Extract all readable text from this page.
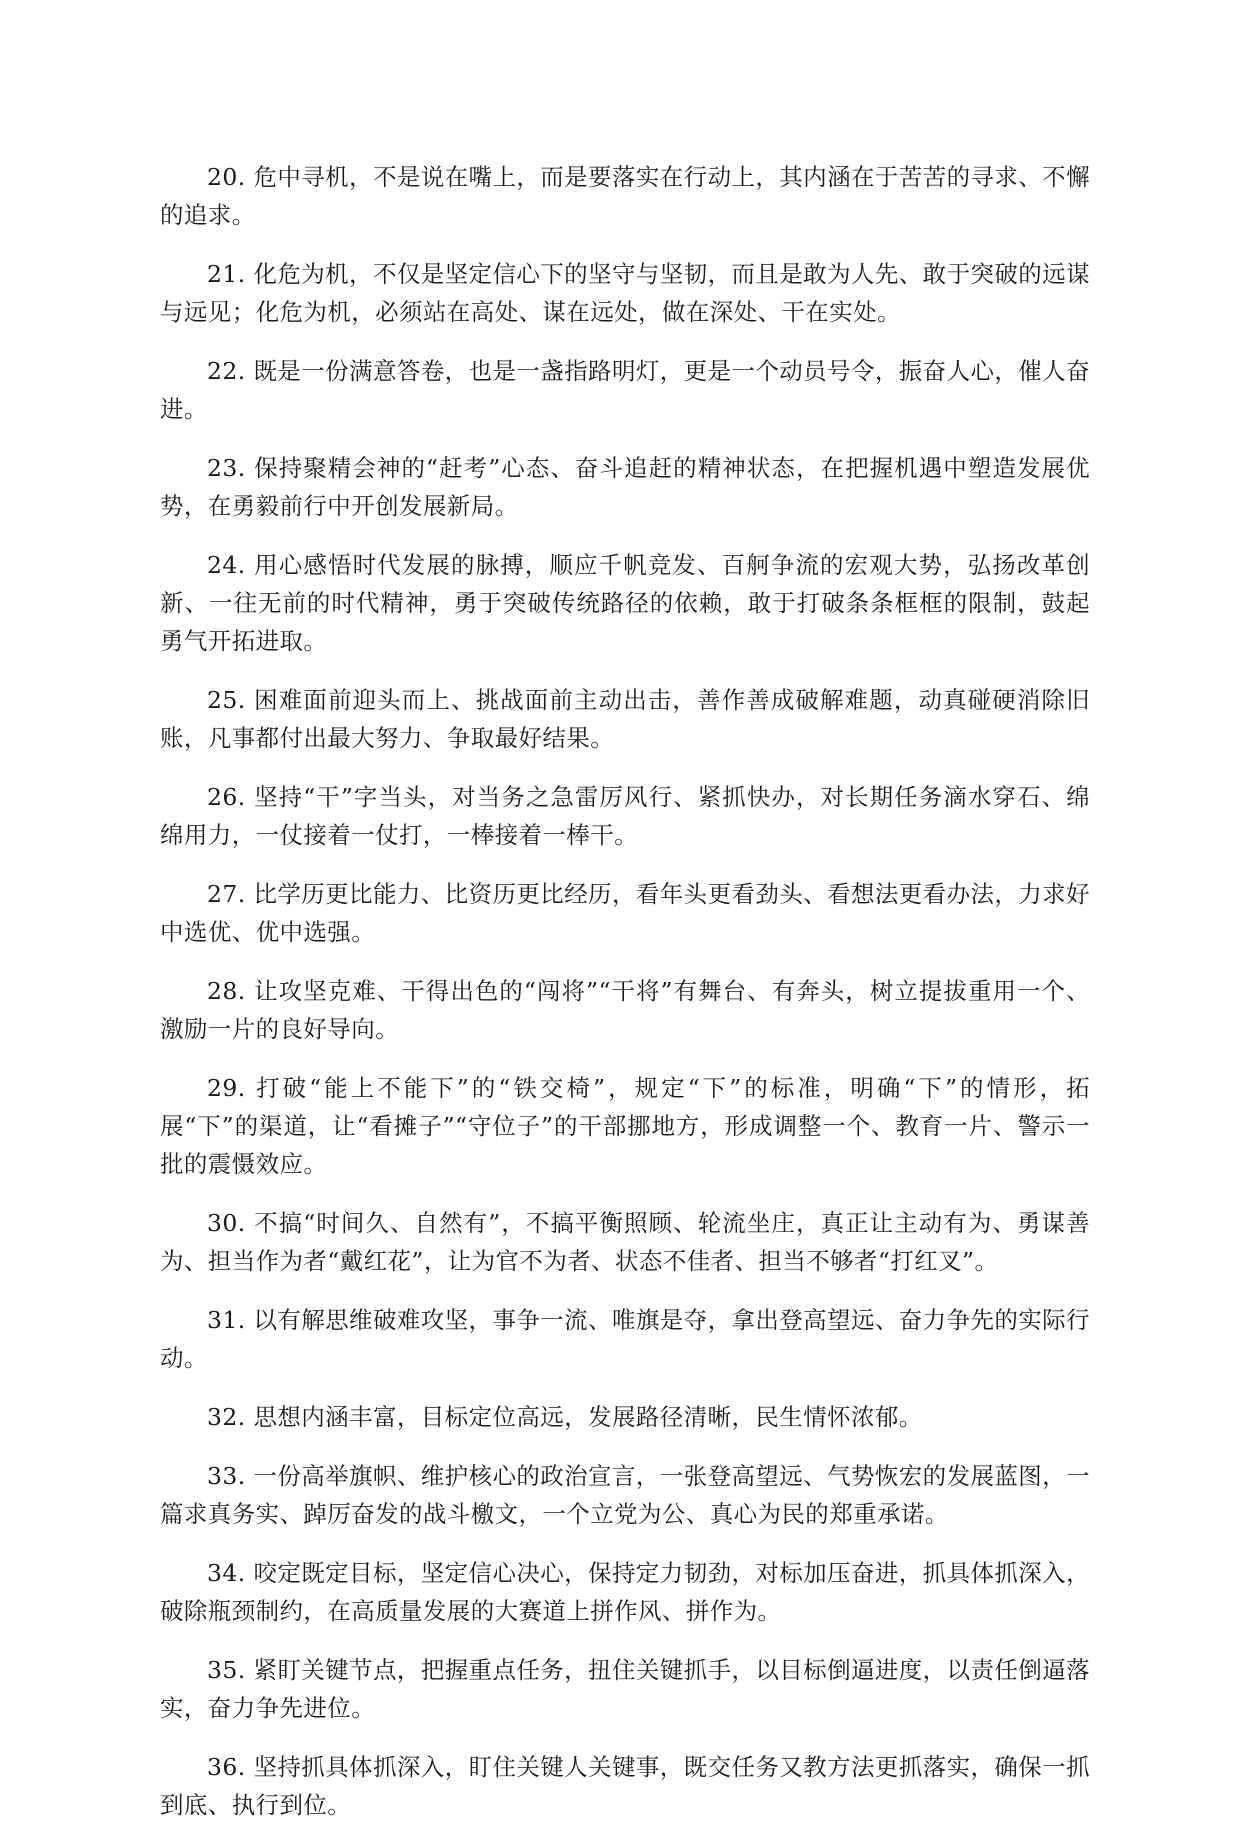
20. 危中寻机，不是说在嘴上，而是要落实在行动上，其内涵在于苦苦的寻求、不懈的追求。

21. 化危为机，不仅是坚定信心下的坚守与坚韧，而且是敢为人先、敢于突破的远谋与远见；化危为机，必须站在高处、谋在远处，做在深处、干在实处。

22. 既是一份满意答卷，也是一盏指路明灯，更是一个动员号令，振奋人心，催人奋进。

23. 保持聚精会神的“赶考”心态、奋斗追赶的精神状态，在把握机遇中塑造发展优势，在勇毅前行中开创发展新局。

24. 用心感悟时代发展的脉搏，顺应千帆竞发、百舸争流的宏观大势，弘扬改革创新、一往无前的时代精神，勇于突破传统路径的依赖，敢于打破条条框框的限制，鼓起勇气开拓进取。

25. 困难面前迎头而上、挑战面前主动出击，善作善成破解难题，动真碰硬消除旧账，凡事都付出最大努力、争取最好结果。

26. 坚持“干”字当头，对当务之急雷厉风行、紧抓快办，对长期任务滴水穿石、绵绵用力，一仗接着一仗打，一棒接着一棒干。

27. 比学历更比能力、比资历更比经历，看年头更看劲头、看想法更看办法，力求好中选优、优中选强。

28. 让攻坚克难、干得出色的“闯将”“干将”有舞台、有奔头，树立提拔重用一个、激励一片的良好导向。

29. 打破“能上不能下”的“铁交椅”，规定“下”的标准，明确“下”的情形，拓展“下”的渠道，让“看摊子”“守位子”的干部挪地方，形成调整一个、教育一片、警示一批的震慑效应。

30. 不搞“时间久、自然有”，不搞平衡照顾、轮流坐庄，真正让主动有为、勇谋善为、担当作为者“戴红花”，让为官不为者、状态不佳者、担当不够者“打红叉”。

31. 以有解思维破难攻坚，事争一流、唯旗是夺，拿出登高望远、奋力争先的实际行动。

32. 思想内涵丰富，目标定位高远，发展路径清晰，民生情怀浓郁。

33. 一份高举旗帜、维护核心的政治宣言，一张登高望远、气势恢宏的发展蓝图，一篇求真务实、踔厉奋发的战斗檄文，一个立党为公、真心为民的郑重承诺。

34. 咬定既定目标，坚定信心决心，保持定力韧劲，对标加压奋进，抓具体抓深入，破除瓶颈制约，在高质量发展的大赛道上拼作风、拼作为。

35. 紧盯关键节点，把握重点任务，扭住关键抓手，以目标倒逼进度，以责任倒逼落实，奋力争先进位。

36. 坚持抓具体抓深入，盯住关键人关键事，既交任务又教方法更抓落实，确保一抓到底、执行到位。
